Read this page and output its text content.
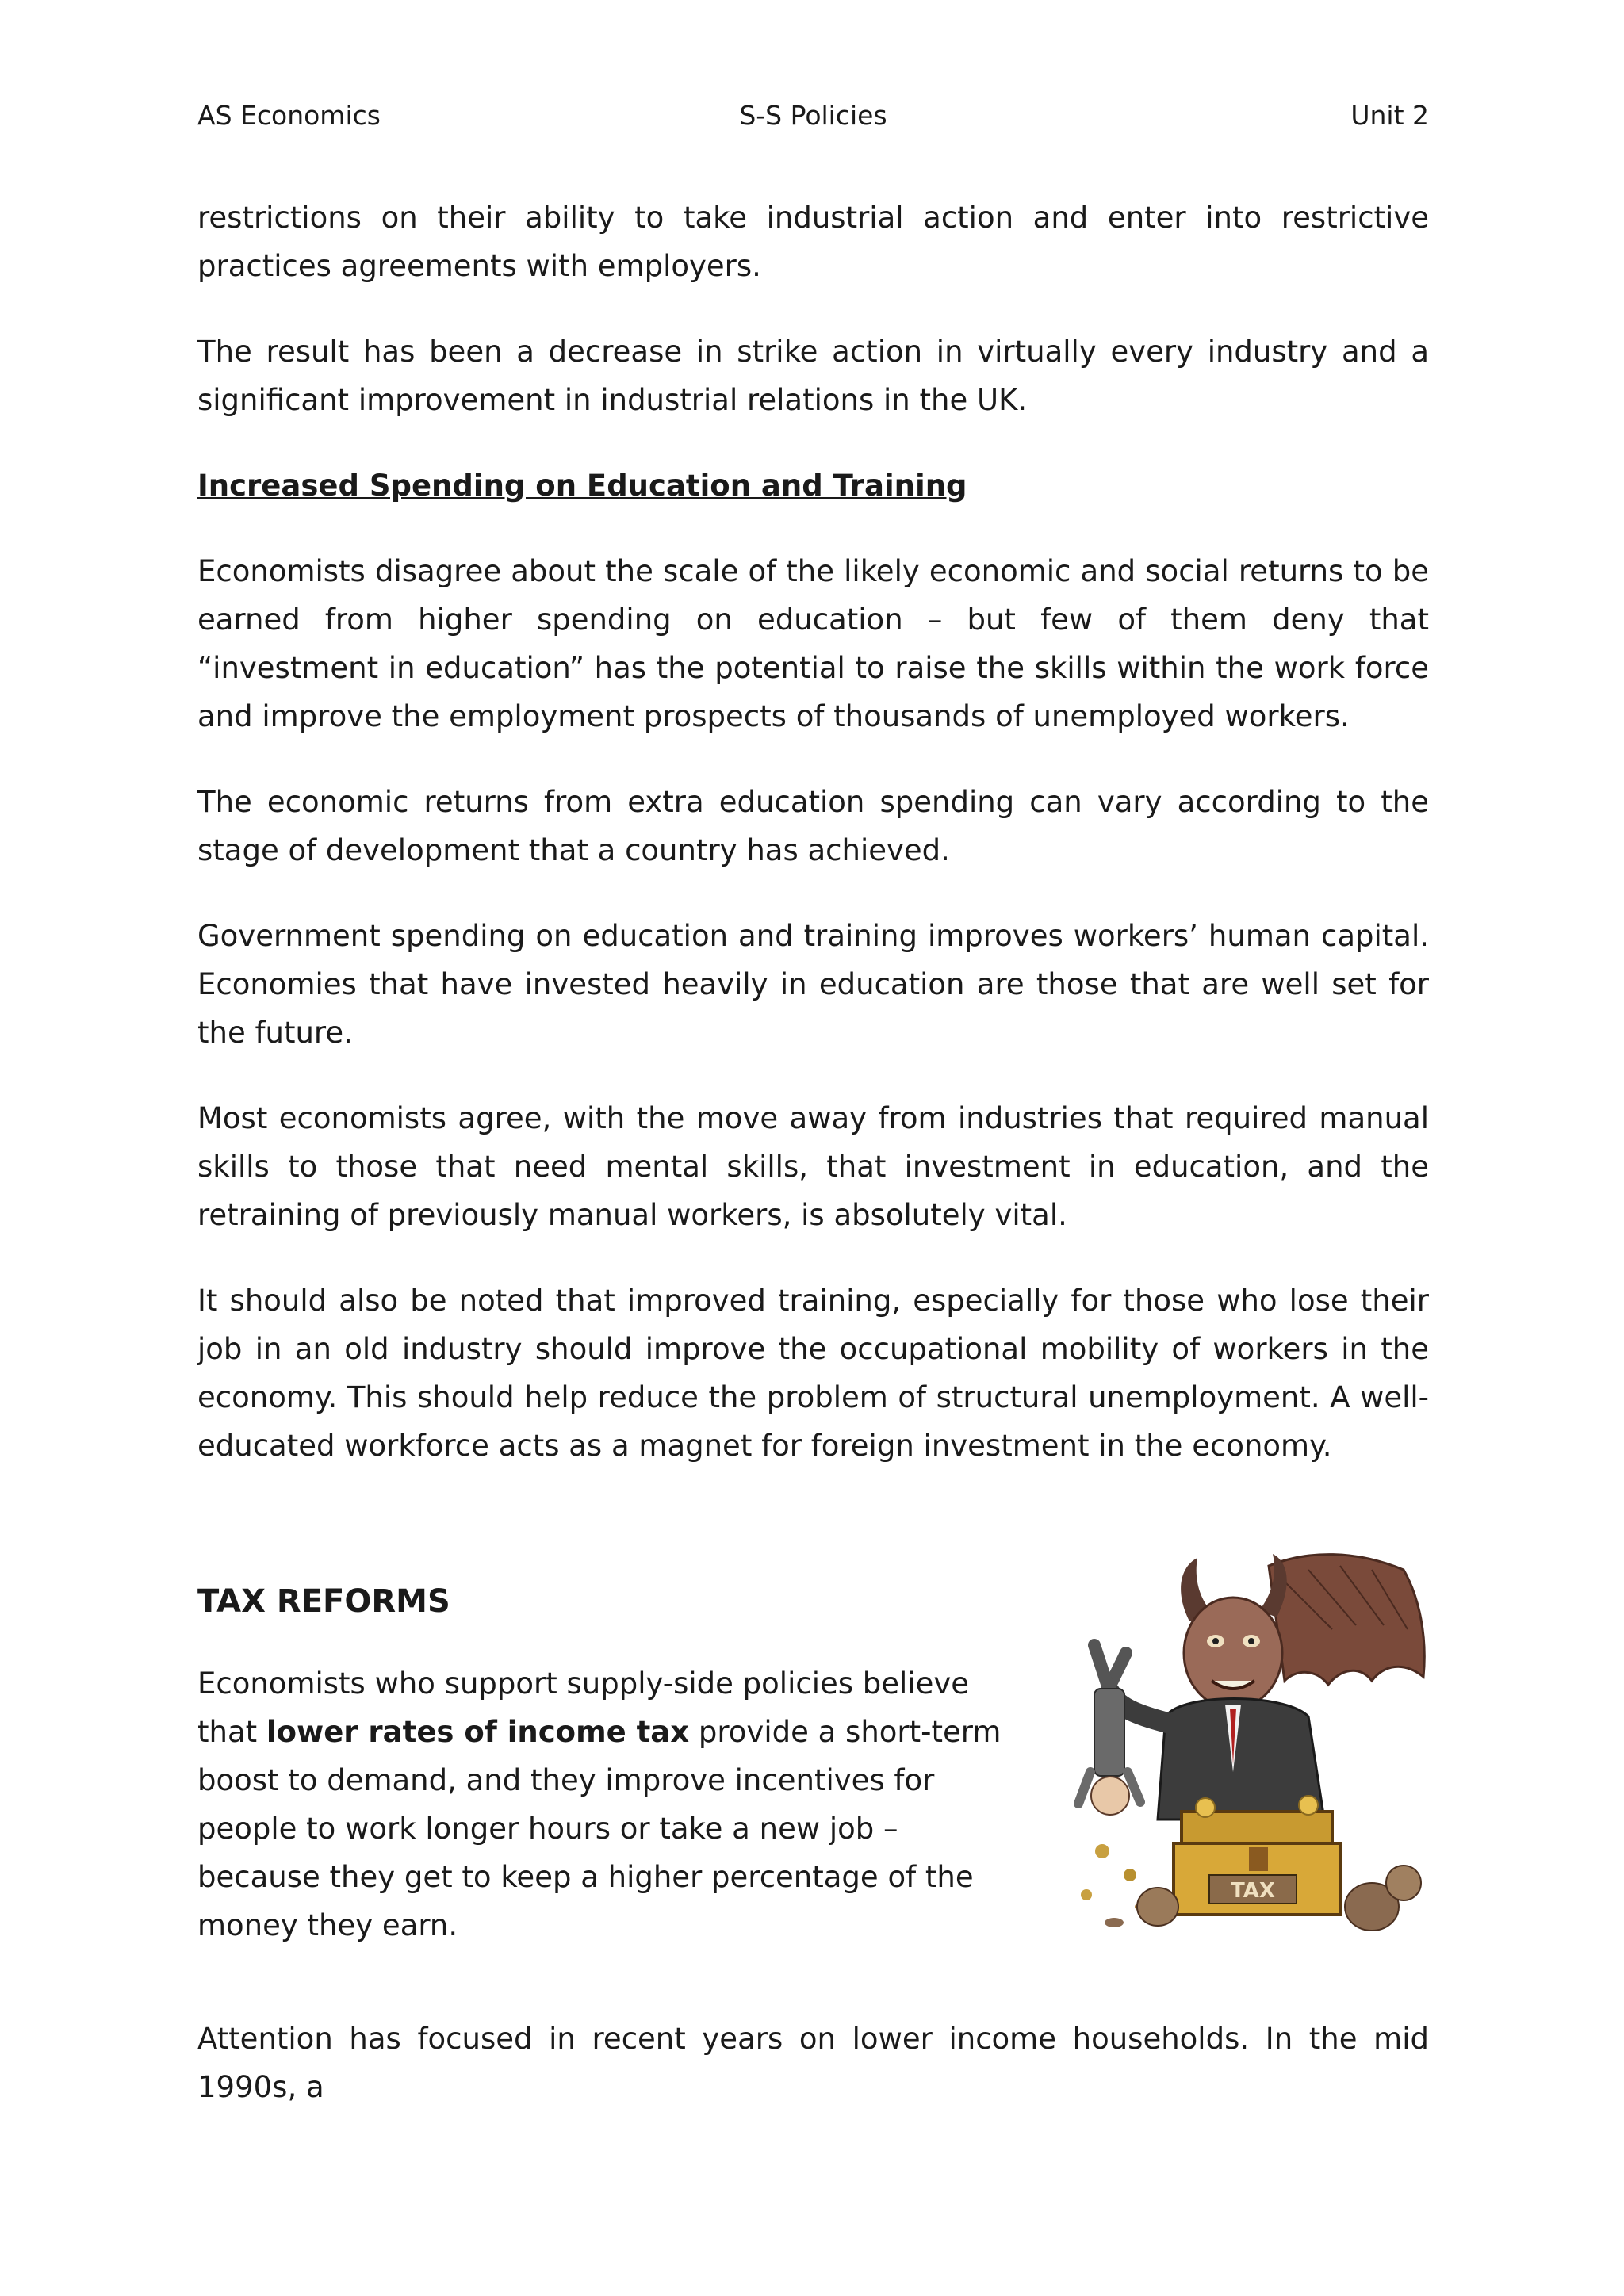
AS Economics	S-S Policies	Unit 2

restrictions on their ability to take industrial action and enter into restrictive practices agreements with employers.

The result has been a decrease in strike action in virtually every industry and a significant improvement in industrial relations in the UK.

Increased Spending on Education and Training

Economists disagree about the scale of the likely economic and social returns to be earned from higher spending on education – but few of them deny that “investment in education” has the potential to raise the skills within the work force and improve the employment prospects of thousands of unemployed workers.

The economic returns from extra education spending can vary according to the stage of development that a country has achieved.

Government spending on education and training improves workers’ human capital. Economies that have invested heavily in education are those that are well set for the future.

Most economists agree, with the move away from industries that required manual skills to those that need mental skills, that investment in education, and the retraining of previously manual workers, is absolutely vital.

It should also be noted that improved training, especially for those who lose their job in an old industry should improve the occupational mobility of workers in the economy. This should help reduce the problem of structural unemployment. A well-educated workforce acts as a magnet for foreign investment in the economy.

TAX REFORMS

Economists who support supply-side policies believe that lower rates of income tax provide a short-term boost to demand, and they improve incentives for people to work longer hours or take a new job – because they get to keep a higher percentage of the money they earn.

TAX

Attention has focused in recent years on lower income households. In the mid 1990s, a
